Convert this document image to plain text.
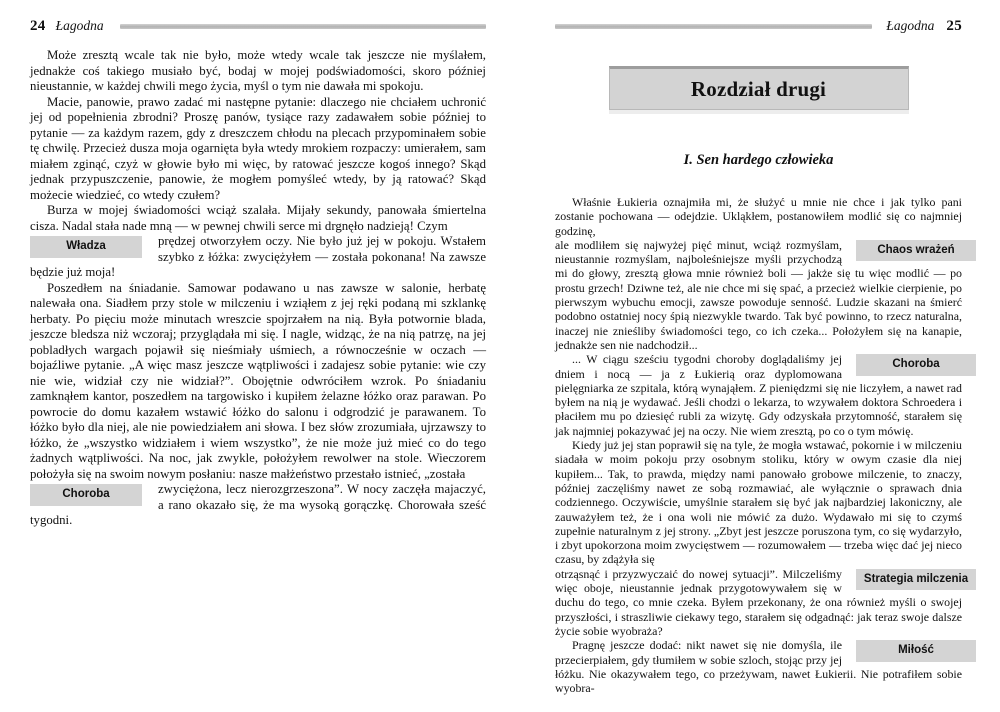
24 Łagodna

Może zresztą wcale tak nie było, może wtedy wcale tak jeszcze nie myślałem, jednakże coś takiego musiało być, bodaj w mojej podświadomości, skoro później nieustannie, w każdej chwili mego życia, myśl o tym nie dawała mi spokoju.

Macie, panowie, prawo zadać mi następne pytanie: dlaczego nie chciałem uchronić jej od popełnienia zbrodni? Proszę panów, tysiące razy zadawałem sobie później to pytanie — za każdym razem, gdy z dreszczem chłodu na plecach przypominałem sobie tę chwilę. Przecież dusza moja ogarnięta była wtedy mrokiem rozpaczy: umierałem, sam miałem zginąć, czyż w głowie było mi więc, by ratować jeszcze kogoś innego? Skąd jednak przypuszczenie, panowie, że mogłem pomyśleć wtedy, by ją ratować? Skąd możecie wiedzieć, co wtedy czułem?

Burza w mojej świadomości wciąż szalała. Mijały sekundy, panowała śmiertelna cisza. Nadal stała nade mną — w pewnej chwili serce mi drgnęło nadzieją! Czym

Władza	prędzej otworzyłem oczy. Nie było już jej w pokoju. Wstałem szybko z łóżka: zwyciężyłem — została pokonana! Na zawsze będzie już moja!

Poszedłem na śniadanie. Samowar podawano u nas zawsze w salonie, herbatę nalewała ona. Siadłem przy stole w milczeniu i wziąłem z jej ręki podaną mi szklankę herbaty. Po pięciu może minutach wreszcie spojrzałem na nią. Była potwornie blada, jeszcze bledsza niż wczoraj; przyglądała mi się. I nagle, widząc, że na nią patrzę, na jej pobladłych wargach pojawił się nieśmiały uśmiech, a równocześnie w oczach — bojaźliwe pytanie. „A więc masz jeszcze wątpliwości i zadajesz sobie pytanie: wie czy nie wie, widział czy nie widział?”. Obojętnie odwróciłem wzrok. Po śniadaniu zamknąłem kantor, poszedłem na targowisko i kupiłem żelazne łóżko oraz parawan. Po powrocie do domu kazałem wstawić łóżko do salonu i odgrodzić je parawanem. To łóżko było dla niej, ale nie powiedziałem ani słowa. I bez słów zrozumiała, ujrzawszy to łóżko, że „wszystko widziałem i wiem wszystko”, że nie może już mieć co do tego żadnych wątpliwości. Na noc, jak zwykle, położyłem rewolwer na stole. Wieczorem położyła się na swoim nowym posłaniu: nasze małżeństwo przestało istnieć, „została

Choroba	zwyciężona, lecz nierozgrzeszona”. W nocy zaczęła majaczyć, a rano okazało się, że ma wysoką gorączkę. Chorowała sześć tygodni.

Łagodna 25
Rozdział drugi
I. Sen hardego człowieka

Właśnie Łukieria oznajmiła mi, że służyć u mnie nie chce i jak tylko pani zostanie pochowana — odejdzie. Ukląkłem, postanowiłem modlić się co najmniej godzinę,

Chaos wrażeń
ale modliłem się najwyżej pięć minut, wciąż rozmyślam, nieustannie rozmyślam, najboleśniejsze myśli przychodzą mi do głowy, zresztą głowa mnie również boli — jakże się tu więc modlić — po prostu grzech! Dziwne też, ale nie chce mi się spać, a przecież wielkie cierpienie, po pierwszym wybuchu emocji, zawsze powoduje senność. Ludzie skazani na śmierć podobno ostatniej nocy śpią niezwykle twardo. Tak być powinno, to rzecz naturalna, inaczej nie znieśliby świadomości tego, co ich czeka... Położyłem się na kanapie, jednakże sen nie nadchodził...

Choroba
... W ciągu sześciu tygodni choroby doglądaliśmy jej dniem i nocą — ja z Łukierią oraz dyplomowana pielęgniarka ze szpitala, którą wynająłem. Z pieniędzmi się nie liczyłem, a nawet rad byłem na nią je wydawać. Jeśli chodzi o lekarza, to wzywałem doktora Schroedera i płaciłem mu po dziesięć rubli za wizytę. Gdy odzyskała przytomność, starałem się jak najmniej pokazywać jej na oczy. Nie wiem zresztą, po co o tym mówię.

Kiedy już jej stan poprawił się na tyle, że mogła wstawać, pokornie i w milczeniu siadała w moim pokoju przy osobnym stoliku, który w owym czasie dla niej kupiłem... Tak, to prawda, między nami panowało grobowe milczenie, to znaczy, później zaczęliśmy nawet ze sobą rozmawiać, ale wyłącznie o sprawach dnia codziennego. Oczywiście, umyślnie starałem się być jak najbardziej lakoniczny, ale zauważyłem też, że i ona woli nie mówić za dużo. Wydawało mi się to czymś zupełnie naturalnym z jej strony. „Zbyt jest jeszcze poruszona tym, co się wydarzyło, i zbyt upokorzona moim zwycięstwem — rozumowałem — trzeba więc dać jej nieco czasu, by zdążyła się

Strategia milczenia
otrząsnąć i przyzwyczaić do nowej sytuacji”. Milczeliśmy więc oboje, nieustannie jednak przygotowywałem się w duchu do tego, co mnie czeka. Byłem przekonany, że ona również myśli o swojej przyszłości, i straszliwie ciekawy tego, starałem się odgadnąć: jak teraz swoje dalsze życie sobie wyobraża?

Miłość
Pragnę jeszcze dodać: nikt nawet się nie domyśla, ile przecierpiałem, gdy tłumiłem w sobie szloch, stojąc przy jej łóżku. Nie okazywałem tego, co przeżywam, nawet Łukierii. Nie potrafiłem sobie wyobra-
